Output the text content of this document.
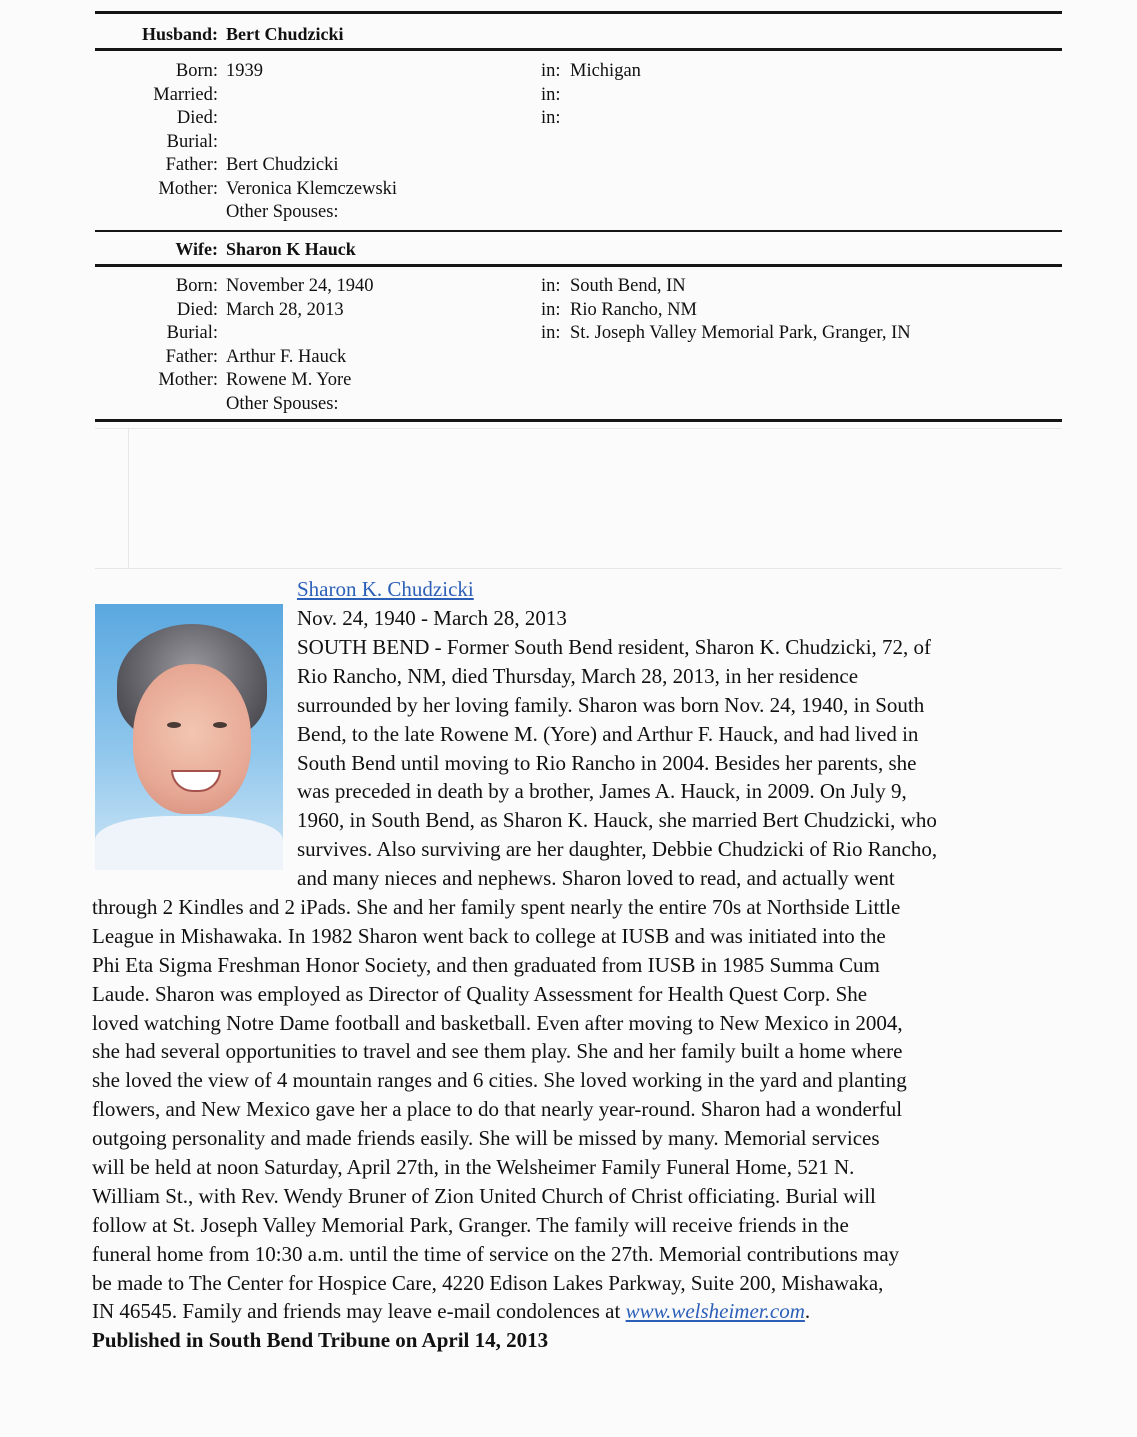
Husband: Bert Chudzicki
Born: 1939	in: Michigan
Married:	in:
Died:	in:
Burial:
Father: Bert Chudzicki
Mother: Veronica Klemczewski
Other Spouses:
Wife: Sharon K Hauck
Born: November 24, 1940	in: South Bend, IN
Died: March 28, 2013	in: Rio Rancho, NM
Burial:	in: St. Joseph Valley Memorial Park, Granger, IN
Father: Arthur F. Hauck
Mother: Rowene M. Yore
Other Spouses:
Sharon K. Chudzicki
Nov. 24, 1940 - March 28, 2013
SOUTH BEND - Former South Bend resident, Sharon K. Chudzicki, 72, of
Rio Rancho, NM, died Thursday, March 28, 2013, in her residence
surrounded by her loving family. Sharon was born Nov. 24, 1940, in South
Bend, to the late Rowene M. (Yore) and Arthur F. Hauck, and had lived in
South Bend until moving to Rio Rancho in 2004. Besides her parents, she
was preceded in death by a brother, James A. Hauck, in 2009. On July 9,
1960, in South Bend, as Sharon K. Hauck, she married Bert Chudzicki, who
survives. Also surviving are her daughter, Debbie Chudzicki of Rio Rancho,
and many nieces and nephews. Sharon loved to read, and actually went
through 2 Kindles and 2 iPads. She and her family spent nearly the entire 70s at Northside Little
League in Mishawaka. In 1982 Sharon went back to college at IUSB and was initiated into the
Phi Eta Sigma Freshman Honor Society, and then graduated from IUSB in 1985 Summa Cum
Laude. Sharon was employed as Director of Quality Assessment for Health Quest Corp. She
loved watching Notre Dame football and basketball. Even after moving to New Mexico in 2004,
she had several opportunities to travel and see them play. She and her family built a home where
she loved the view of 4 mountain ranges and 6 cities. She loved working in the yard and planting
flowers, and New Mexico gave her a place to do that nearly year-round. Sharon had a wonderful
outgoing personality and made friends easily. She will be missed by many. Memorial services
will be held at noon Saturday, April 27th, in the Welsheimer Family Funeral Home, 521 N.
William St., with Rev. Wendy Bruner of Zion United Church of Christ officiating. Burial will
follow at St. Joseph Valley Memorial Park, Granger. The family will receive friends in the
funeral home from 10:30 a.m. until the time of service on the 27th. Memorial contributions may
be made to The Center for Hospice Care, 4220 Edison Lakes Parkway, Suite 200, Mishawaka,
IN 46545. Family and friends may leave e-mail condolences at www.welsheimer.com.
Published in South Bend Tribune on April 14, 2013
